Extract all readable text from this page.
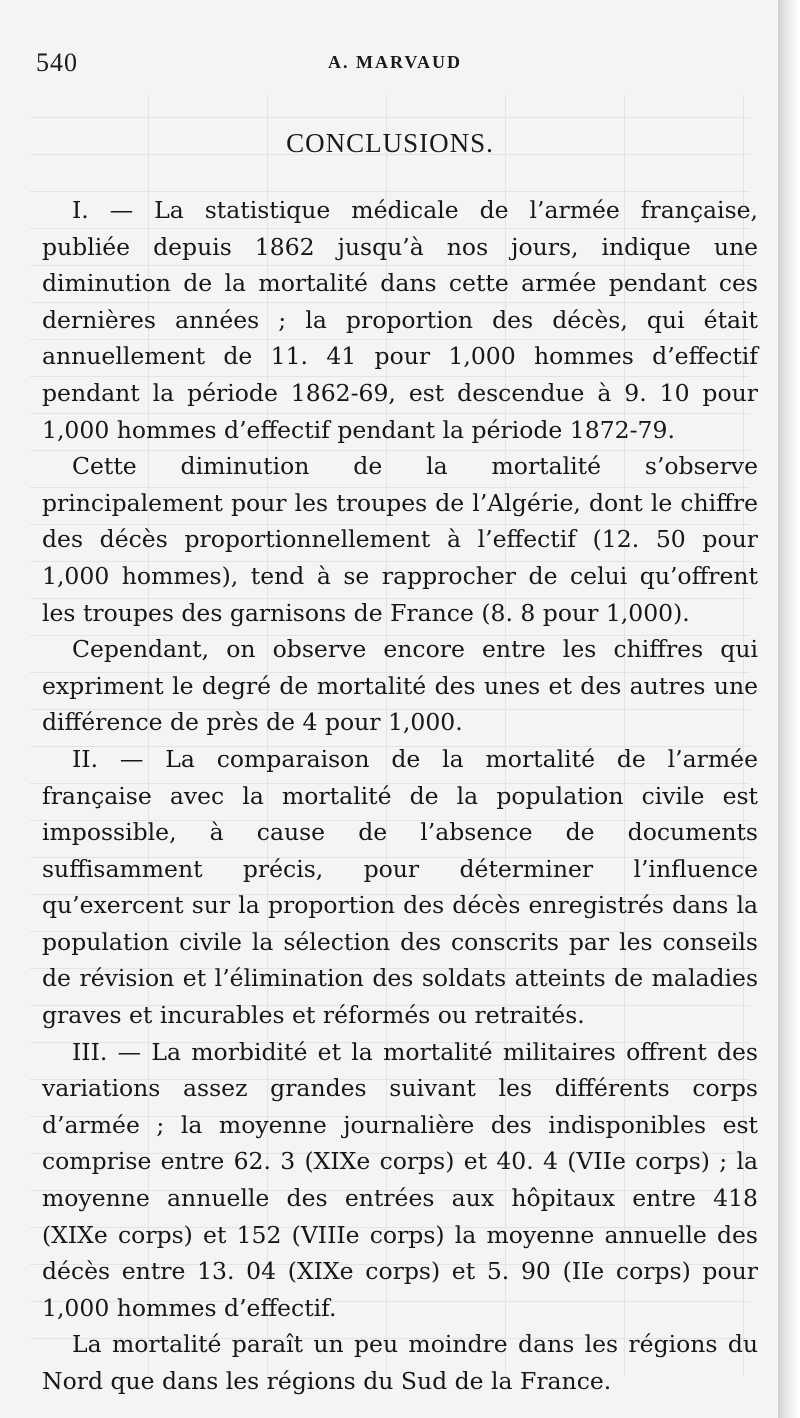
540	A. MARVAUD
CONCLUSIONS.

I. — La statistique médicale de l’armée française, publiée depuis 1862 jusqu’à nos jours, indique une diminution de la mortalité dans cette armée pendant ces dernières années ; la proportion des décès, qui était annuellement de 11. 41 pour 1,000 hommes d’effectif pendant la période 1862-69, est descendue à 9. 10 pour 1,000 hommes d’effectif pendant la période 1872-79.

Cette diminution de la mortalité s’observe principalement pour les troupes de l’Algérie, dont le chiffre des décès proportionnellement à l’effectif (12. 50 pour 1,000 hommes), tend à se rapprocher de celui qu’offrent les troupes des garnisons de France (8. 8 pour 1,000).

Cependant, on observe encore entre les chiffres qui expriment le degré de mortalité des unes et des autres une différence de près de 4 pour 1,000.

II. — La comparaison de la mortalité de l’armée française avec la mortalité de la population civile est impossible, à cause de l’absence de documents suffisamment précis, pour déterminer l’influence qu’exercent sur la proportion des décès enregistrés dans la population civile la sélection des conscrits par les conseils de révision et l’élimination des soldats atteints de maladies graves et incurables et réformés ou retraités.

III. — La morbidité et la mortalité militaires offrent des variations assez grandes suivant les différents corps d’armée ; la moyenne journalière des indisponibles est comprise entre 62. 3 (XIXe corps) et 40. 4 (VIIe corps) ; la moyenne annuelle des entrées aux hôpitaux entre 418 (XIXe corps) et 152 (VIIIe corps) la moyenne annuelle des décès entre 13. 04 (XIXe corps) et 5. 90 (IIe corps) pour 1,000 hommes d’effectif.

La mortalité paraît un peu moindre dans les régions du Nord que dans les régions du Sud de la France.
